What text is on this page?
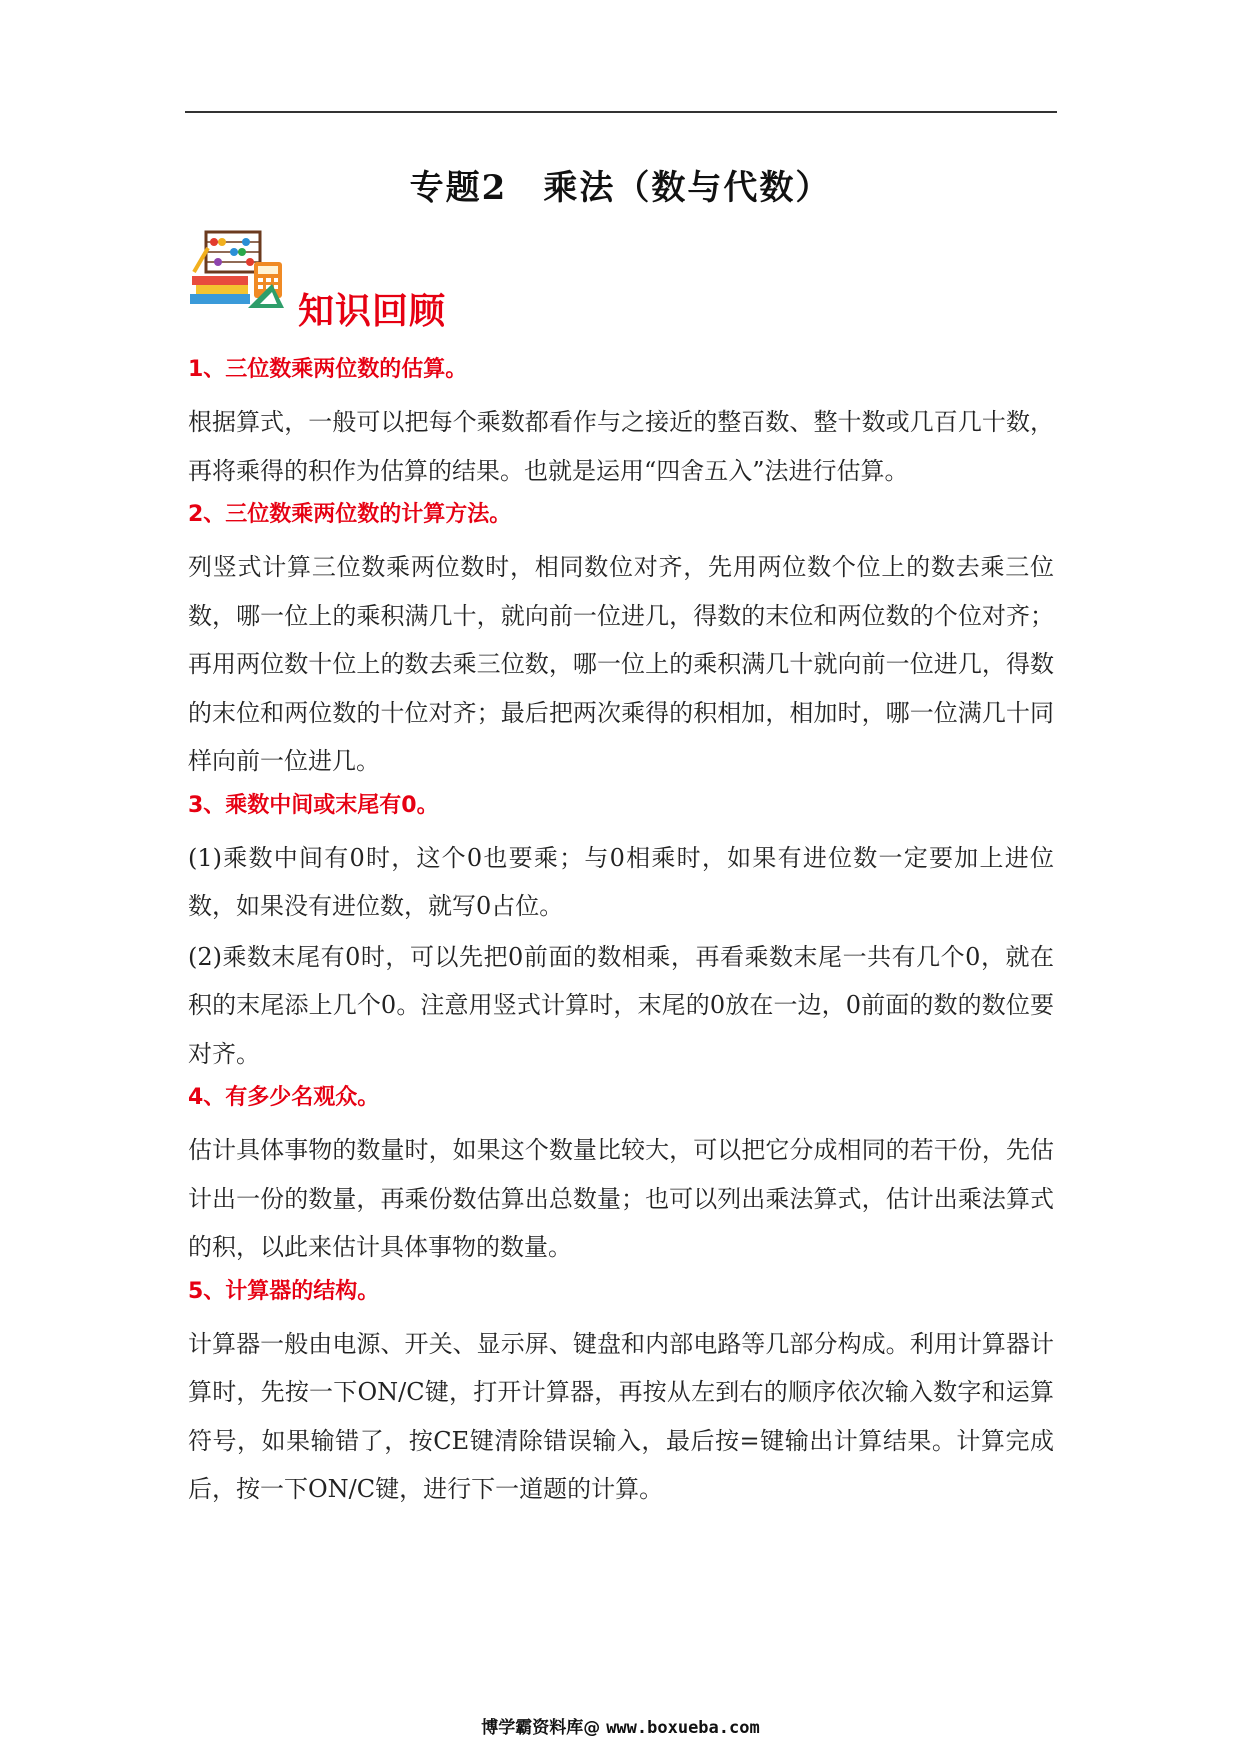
专题2　乘法（数与代数）
知识回顾
1、三位数乘两位数的估算。

根据算式，一般可以把每个乘数都看作与之接近的整百数、整十数或几百几十数，再将乘得的积作为估算的结果。也就是运用“四舍五入”法进行估算。

2、三位数乘两位数的计算方法。

列竖式计算三位数乘两位数时，相同数位对齐，先用两位数个位上的数去乘三位数，哪一位上的乘积满几十，就向前一位进几，得数的末位和两位数的个位对齐；再用两位数十位上的数去乘三位数，哪一位上的乘积满几十就向前一位进几，得数的末位和两位数的十位对齐；最后把两次乘得的积相加，相加时，哪一位满几十同样向前一位进几。

3、乘数中间或末尾有0。

(1)乘数中间有0时，这个0也要乘；与0相乘时，如果有进位数一定要加上进位数，如果没有进位数，就写0占位。

(2)乘数末尾有0时，可以先把0前面的数相乘，再看乘数末尾一共有几个0，就在积的末尾添上几个0。注意用竖式计算时，末尾的0放在一边，0前面的数的数位要对齐。

4、有多少名观众。

估计具体事物的数量时，如果这个数量比较大，可以把它分成相同的若干份，先估计出一份的数量，再乘份数估算出总数量；也可以列出乘法算式，估计出乘法算式的积，以此来估计具体事物的数量。

5、计算器的结构。

计算器一般由电源、开关、显示屏、键盘和内部电路等几部分构成。利用计算器计算时，先按一下ON/C键，打开计算器，再按从左到右的顺序依次输入数字和运算符号，如果输错了，按CE键清除错误输入，最后按=键输出计算结果。计算完成后，按一下ON/C键，进行下一道题的计算。

博学霸资料库@ www.boxueba.com
